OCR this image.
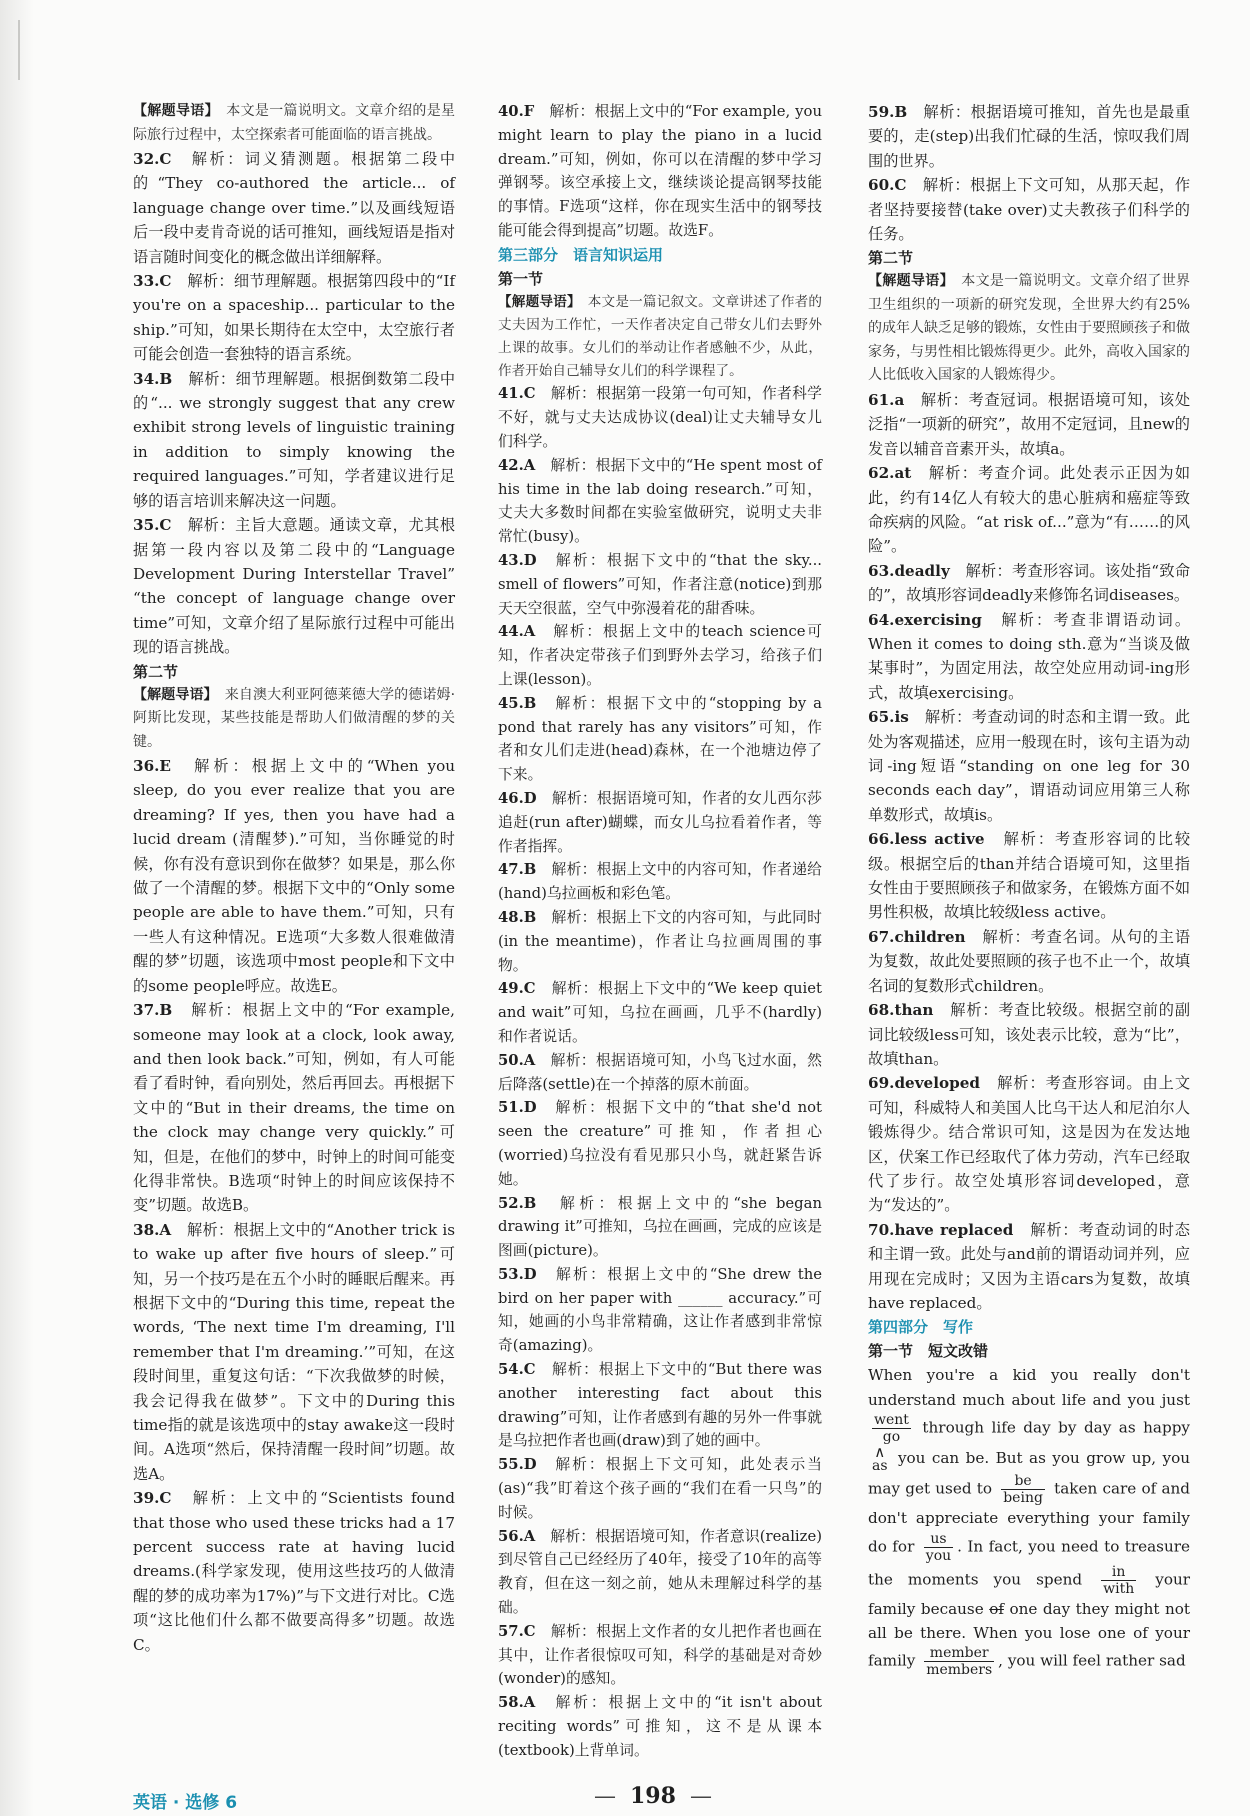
【解题导语】　 本文是一篇说明文。文章介绍的是星际旅行过程中，太空探索者可能面临的语言挑战。

32.C　 解析：词义猜测题。根据第二段中的“They co-authored the article... of language change over time.”以及画线短语后一段中麦肯奇说的话可推知，画线短语是指对语言随时间变化的概念做出详细解释。

33.C　 解析：细节理解题。根据第四段中的“If you're on a spaceship... particular to the ship.”可知，如果长期待在太空中，太空旅行者可能会创造一套独特的语言系统。

34.B　 解析：细节理解题。根据倒数第二段中的“... we strongly suggest that any crew exhibit strong levels of linguistic training in addition to simply knowing the required languages.”可知，学者建议进行足够的语言培训来解决这一问题。

35.C　 解析：主旨大意题。通读文章，尤其根据第一段内容以及第二段中的“Language Development During Interstellar Travel” “the concept of language change over time”可知，文章介绍了星际旅行过程中可能出现的语言挑战。

第二节

【解题导语】　 来自澳大利亚阿德莱德大学的德诺姆·阿斯比发现，某些技能是帮助人们做清醒的梦的关键。

36.E　 解析：根据上文中的“When you sleep, do you ever realize that you are dreaming? If yes, then you have had a lucid dream (清醒梦).”可知，当你睡觉的时候，你有没有意识到你在做梦？如果是，那么你做了一个清醒的梦。根据下文中的“Only some people are able to have them.”可知，只有一些人有这种情况。E选项“大多数人很难做清醒的梦”切题，该选项中most people和下文中的some people呼应。故选E。

37.B　 解析：根据上文中的“For example, someone may look at a clock, look away, and then look back.”可知，例如，有人可能看了看时钟，看向别处，然后再回去。再根据下文中的“But in their dreams, the time on the clock may change very quickly.”可知，但是，在他们的梦中，时钟上的时间可能变化得非常快。B选项“时钟上的时间应该保持不变”切题。故选B。

38.A　 解析：根据上文中的“Another trick is to wake up after five hours of sleep.”可知，另一个技巧是在五个小时的睡眠后醒来。再根据下文中的“During this time, repeat the words, ‘The next time I'm dreaming, I'll remember that I'm dreaming.’”可知，在这段时间里，重复这句话：“下次我做梦的时候，我会记得我在做梦”。下文中的During this time指的就是该选项中的stay awake这一段时间。A选项“然后，保持清醒一段时间”切题。故选A。

39.C　 解析：上文中的“Scientists found that those who used these tricks had a 17 percent success rate at having lucid dreams.(科学家发现，使用这些技巧的人做清醒的梦的成功率为17%)”与下文进行对比。C选项“这比他们什么都不做要高得多”切题。故选C。

40.F　 解析：根据上文中的“For example, you might learn to play the piano in a lucid dream.”可知，例如，你可以在清醒的梦中学习弹钢琴。该空承接上文，继续谈论提高钢琴技能的事情。F选项“这样，你在现实生活中的钢琴技能可能会得到提高”切题。故选F。

第三部分　语言知识运用

第一节

【解题导语】　 本文是一篇记叙文。文章讲述了作者的丈夫因为工作忙，一天作者决定自己带女儿们去野外上课的故事。女儿们的举动让作者感触不少，从此，作者开始自己辅导女儿们的科学课程了。

41.C　 解析：根据第一段第一句可知，作者科学不好，就与丈夫达成协议(deal)让丈夫辅导女儿们科学。

42.A　 解析：根据下文中的“He spent most of his time in the lab doing research.”可知，丈夫大多数时间都在实验室做研究，说明丈夫非常忙(busy)。

43.D　 解析：根据下文中的“that the sky... smell of flowers”可知，作者注意(notice)到那天天空很蓝，空气中弥漫着花的甜香味。

44.A　 解析：根据上文中的teach science可知，作者决定带孩子们到野外去学习，给孩子们上课(lesson)。

45.B　 解析：根据下文中的“stopping by a pond that rarely has any visitors”可知，作者和女儿们走进(head)森林，在一个池塘边停了下来。

46.D　 解析：根据语境可知，作者的女儿西尔莎追赶(run after)蝴蝶，而女儿乌拉看着作者，等作者指挥。

47.B　 解析：根据上文中的内容可知，作者递给(hand)乌拉画板和彩色笔。

48.B　 解析：根据上下文的内容可知，与此同时(in the meantime)，作者让乌拉画周围的事物。

49.C　 解析：根据上下文中的“We keep quiet and wait”可知，乌拉在画画，几乎不(hardly)和作者说话。

50.A　 解析：根据语境可知，小鸟飞过水面，然后降落(settle)在一个掉落的原木前面。

51.D　 解析：根据下文中的“that she'd not seen the creature”可推知，作者担心(worried)乌拉没有看见那只小鸟，就赶紧告诉她。

52.B　 解析：根据上文中的“she began drawing it”可推知，乌拉在画画，完成的应该是图画(picture)。

53.D　 解析：根据上文中的“She drew the bird on her paper with ______ accuracy.”可知，她画的小鸟非常精确，这让作者感到非常惊奇(amazing)。

54.C　 解析：根据上下文中的“But there was another interesting fact about this drawing”可知，让作者感到有趣的另外一件事就是乌拉把作者也画(draw)到了她的画中。

55.D　 解析：根据上下文可知，此处表示当(as)“我”盯着这个孩子画的“我们在看一只鸟”的时候。

56.A　 解析：根据语境可知，作者意识(realize)到尽管自己已经经历了40年，接受了10年的高等教育，但在这一刻之前，她从未理解过科学的基础。

57.C　 解析：根据上文作者的女儿把作者也画在其中，让作者很惊叹可知，科学的基础是对奇妙(wonder)的感知。

58.A　 解析：根据上文中的“it isn't about reciting words”可推知，这不是从课本(textbook)上背单词。

59.B　 解析：根据语境可推知，首先也是最重要的，走(step)出我们忙碌的生活，惊叹我们周围的世界。

60.C　 解析：根据上下文可知，从那天起，作者坚持要接替(take over)丈夫教孩子们科学的任务。

第二节

【解题导语】　 本文是一篇说明文。文章介绍了世界卫生组织的一项新的研究发现，全世界大约有25%的成年人缺乏足够的锻炼，女性由于要照顾孩子和做家务，与男性相比锻炼得更少。此外，高收入国家的人比低收入国家的人锻炼得少。

61.a　 解析：考查冠词。根据语境可知，该处泛指“一项新的研究”，故用不定冠词，且new的发音以辅音音素开头，故填a。

62.at　 解析：考查介词。此处表示正因为如此，约有14亿人有较大的患心脏病和癌症等致命疾病的风险。“at risk of...”意为“有……的风险”。

63.deadly　 解析：考查形容词。该处指“致命的”，故填形容词deadly来修饰名词diseases。

64.exercising　 解析：考查非谓语动词。When it comes to doing sth.意为“当谈及做某事时”，为固定用法，故空处应用动词-ing形式，故填exercising。

65.is　 解析：考查动词的时态和主谓一致。此处为客观描述，应用一般现在时，该句主语为动词-ing短语“standing on one leg for 30 seconds each day”，谓语动词应用第三人称单数形式，故填is。

66.less active　 解析：考查形容词的比较级。根据空后的than并结合语境可知，这里指女性由于要照顾孩子和做家务，在锻炼方面不如男性积极，故填比较级less active。

67.children　 解析：考查名词。从句的主语为复数，故此处要照顾的孩子也不止一个，故填名词的复数形式children。

68.than　 解析：考查比较级。根据空前的副词比较级less可知，该处表示比较，意为“比”，故填than。

69.developed　 解析：考查形容词。由上文可知，科威特人和美国人比乌干达人和尼泊尔人锻炼得少。结合常识可知，这是因为在发达地区，伏案工作已经取代了体力劳动，汽车已经取代了步行。故空处填形容词developed，意为“发达的”。

70.have replaced　 解析：考查动词的时态和主谓一致。此处与and前的谓语动词并列，应用现在完成时；又因为主语cars为复数，故填have replaced。

第四部分　写作

第一节　短文改错

When you're a kid you really don't understand much about life and you just
went
go
through life day by day as happy
∧
as you can be. But as you grow up, you may get used to	be
being
taken care of and don't appreciate everything your family do for	us
you
. In fact, you need to treasure the moments you spend	in
with
your family because of one day they might not all be there. When you lose one of your family	member
members
, you will feel rather sad

英语 · 选修 6	— 198 —
